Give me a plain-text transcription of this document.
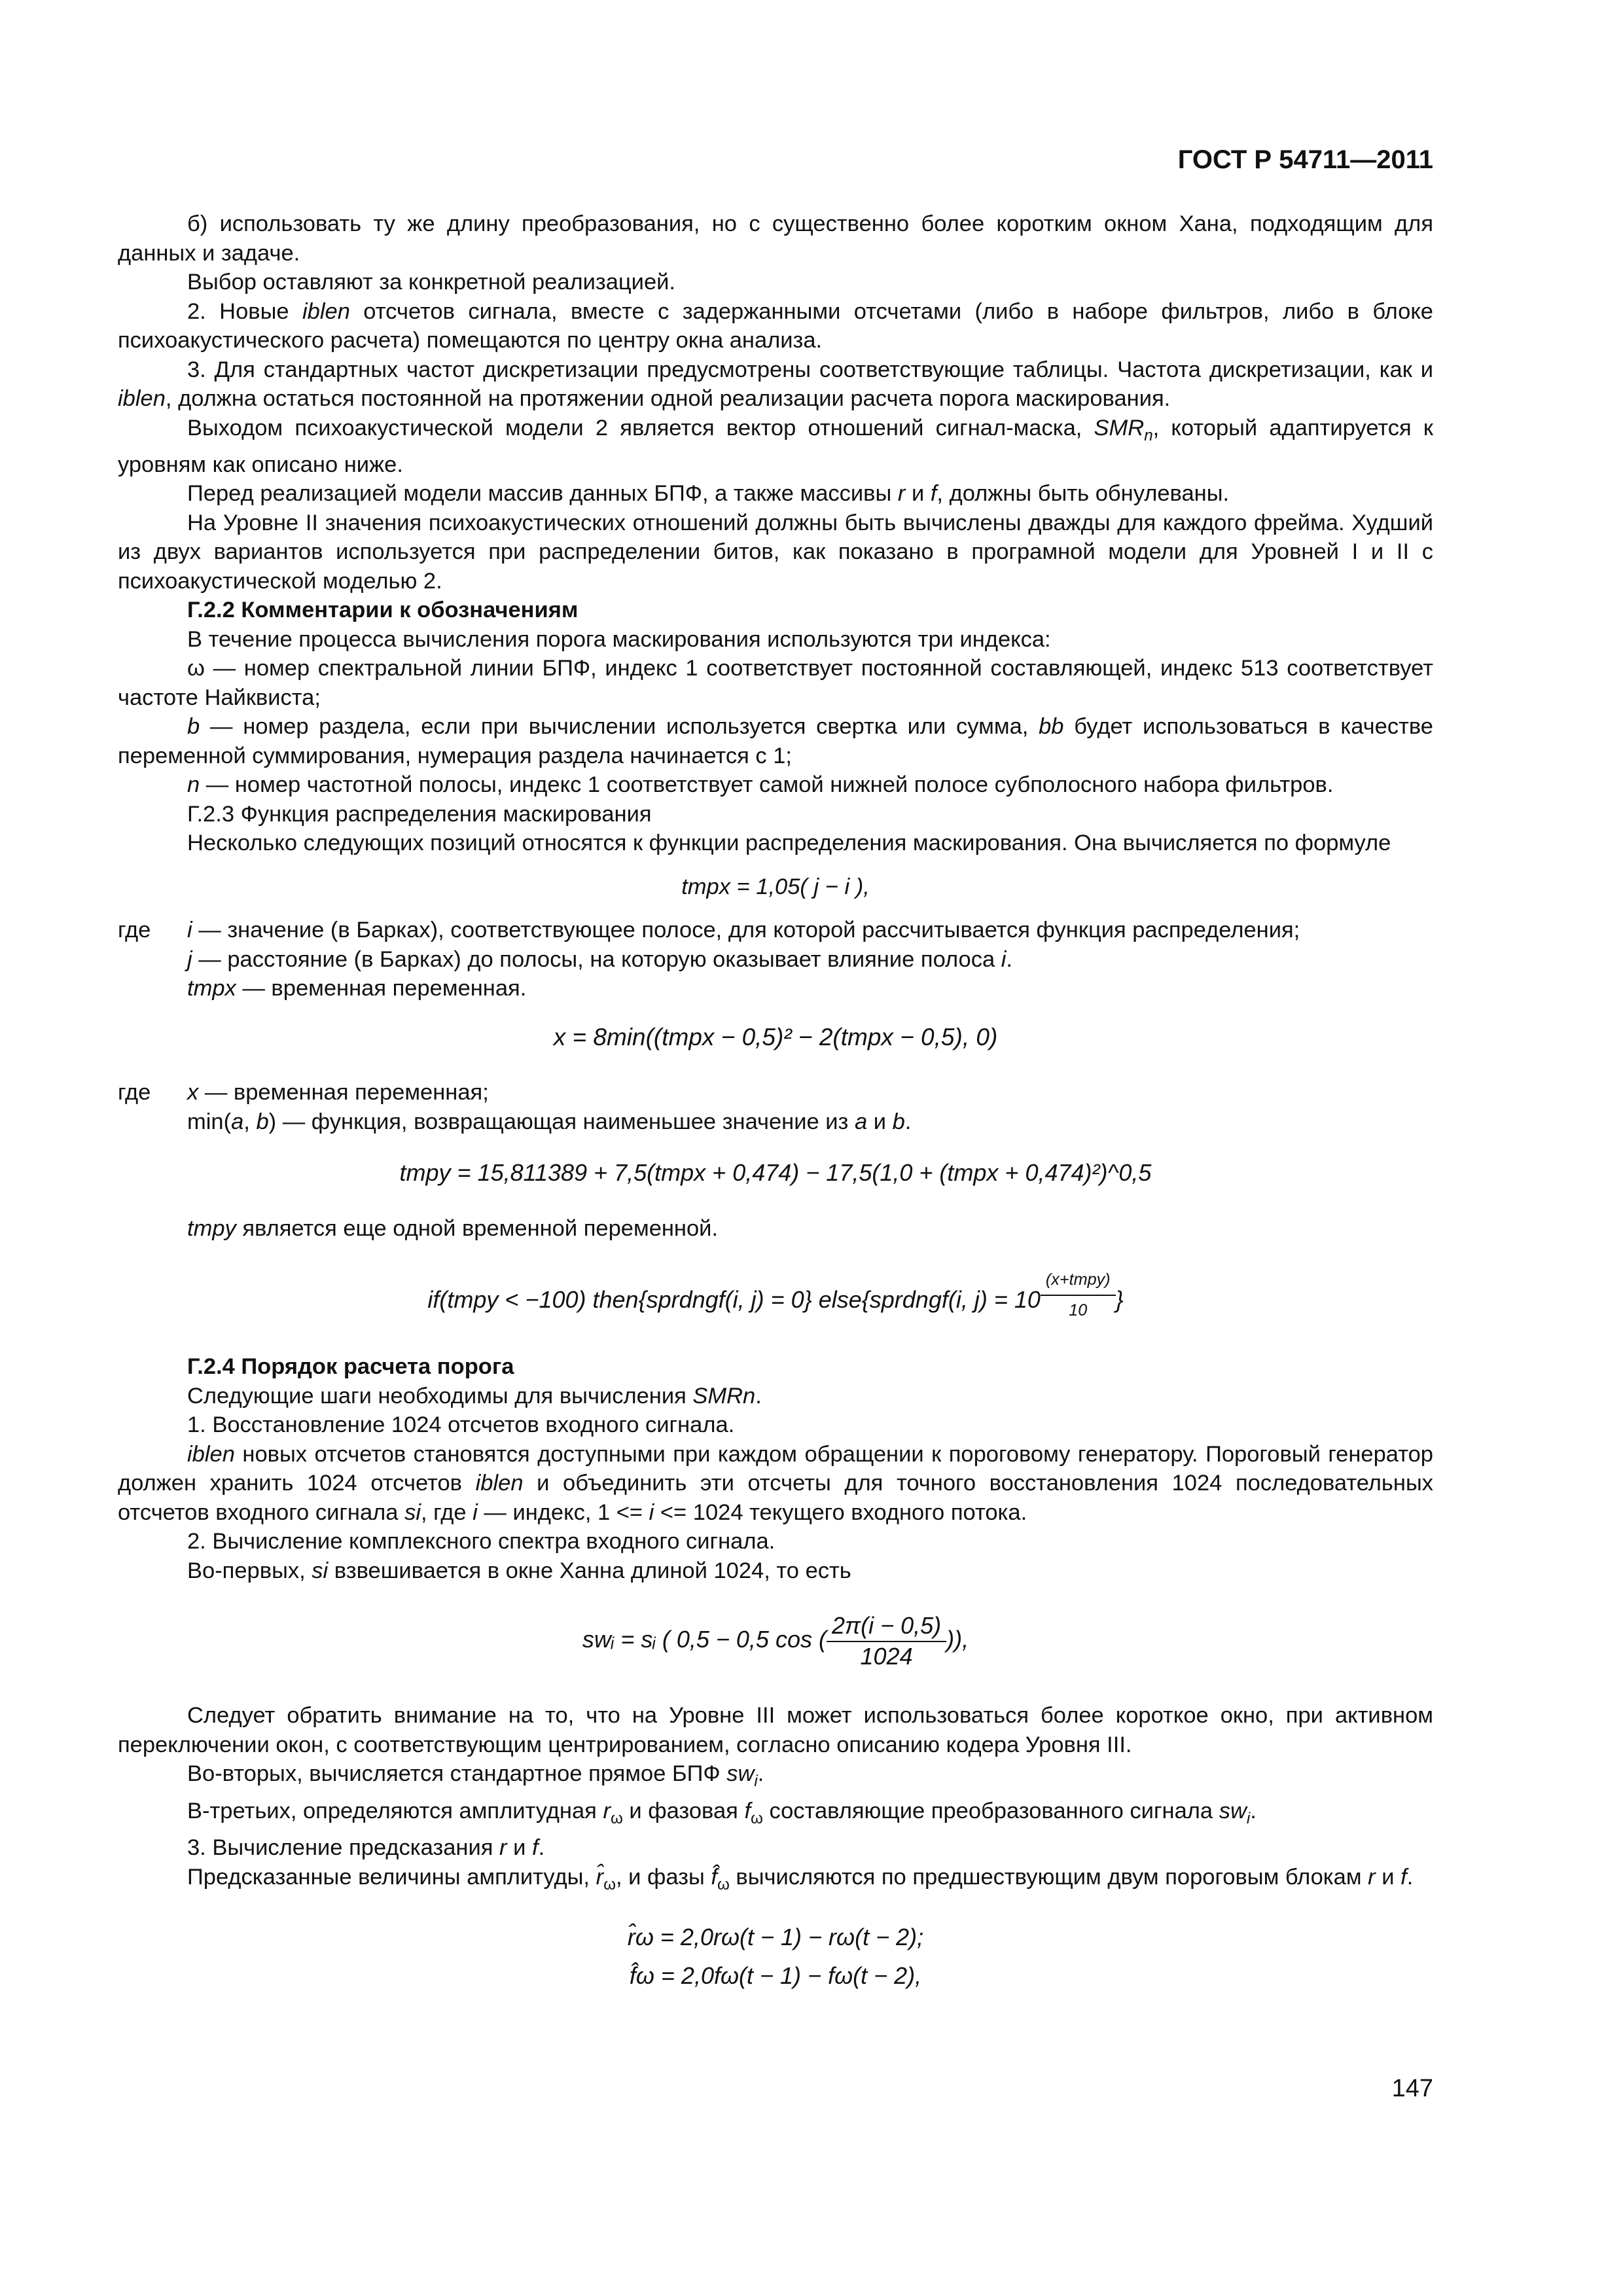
ГОСТ Р 54711—2011

б) использовать ту же длину преобразования, но с существенно более коротким окном Хана, подходящим для данных и задаче.

Выбор оставляют за конкретной реализацией.

2. Новые iblen отсчетов сигнала, вместе с задержанными отсчетами (либо в наборе фильтров, либо в блоке психоакустического расчета) помещаются по центру окна анализа.

3. Для стандартных частот дискретизации предусмотрены соответствующие таблицы. Частота дискретизации, как и iblen, должна остаться постоянной на протяжении одной реализации расчета порога маскирования.

Выходом психоакустической модели 2 является вектор отношений сигнал-маска, $SMR_n$, который адаптируется к уровням как описано ниже.

Перед реализацией модели массив данных БПФ, а также массивы r и f, должны быть обнулеваны.

На Уровне II значения психоакустических отношений должны быть вычислены дважды для каждого фрейма. Худший из двух вариантов используется при распределении битов, как показано в програмной модели для Уровней I и II с психоакустической моделью 2.

Г.2.2 Комментарии к обозначениям

В течение процесса вычисления порога маскирования используются три индекса:

ω — номер спектральной линии БПФ, индекс 1 соответствует постоянной составляющей, индекс 513 соответствует частоте Найквиста;

b — номер раздела, если при вычислении используется свертка или сумма, bb будет использоваться в качестве переменной суммирования, нумерация раздела начинается с 1;

n — номер частотной полосы, индекс 1 соответствует самой нижней полосе субполосного набора фильтров.

Г.2.3 Функция распределения маскирования

Несколько следующих позиций относятся к функции распределения маскирования. Она вычисляется по формуле

tmpx = 1,05( j − i ),

где	i — значение (в Барках), соответствующее полосе, для которой рассчитывается функция распределения;
j — расстояние (в Барках) до полосы, на которую оказывает влияние полоса i.

tmpx — временная переменная.

x = 8min((tmpx − 0,5)² − 2(tmpx − 0,5), 0)

где	x — временная переменная;

min(a, b) — функция, возвращающая наименьшее значение из a и b.

tmpy = 15,811389 + 7,5(tmpx + 0,474) − 17,5(1,0 + (tmpx + 0,474)²)^0,5

tmpy является еще одной временной переменной.

if(tmpy < −100) then{sprdngf(i, j) = 0} else{sprdngf(i, j) = 10 $^{\frac{\text{(x+tmpy)}}{10}}$ }

Г.2.4 Порядок расчета порога

Следующие шаги необходимы для вычисления SMRn.

1. Восстановление 1024 отсчетов входного сигнала.

iblen новых отсчетов становятся доступными при каждом обращении к пороговому генератору. Пороговый генератор должен хранить 1024 отсчетов iblen и объединить эти отсчеты для точного восстановления 1024 последовательных отсчетов входного сигнала si, где i — индекс, 1 <= i <= 1024 текущего входного потока.

2. Вычисление комплексного спектра входного сигнала.

Во-первых, si взвешивается в окне Ханна длиной 1024, то есть

swᵢ = sᵢ ( 0,5 − 0,5 cos ( $\frac{2\pi(i - 0,5)}{1024}$ )),

Следует обратить внимание на то, что на Уровне III может использоваться более короткое окно, при активном переключении окон, с соответствующим центрированием, согласно описанию кодера Уровня III.

Во-вторых, вычисляется стандартное прямое БПФ $sw_i$.

В-третьих, определяются амплитудная $r_\omega$ и фазовая $f_\omega$ составляющие преобразованного сигнала $sw_i$.

3. Вычисление предсказания r и f.

Предсказанные величины амплитуды, $r̂_\omega$, и фазы $f̂_\omega$ вычисляются по предшествующим двум пороговым блокам r и f.

r̂ω = 2,0rω(t − 1) − rω(t − 2);

f̂ω = 2,0fω(t − 1) − fω(t − 2),

147
